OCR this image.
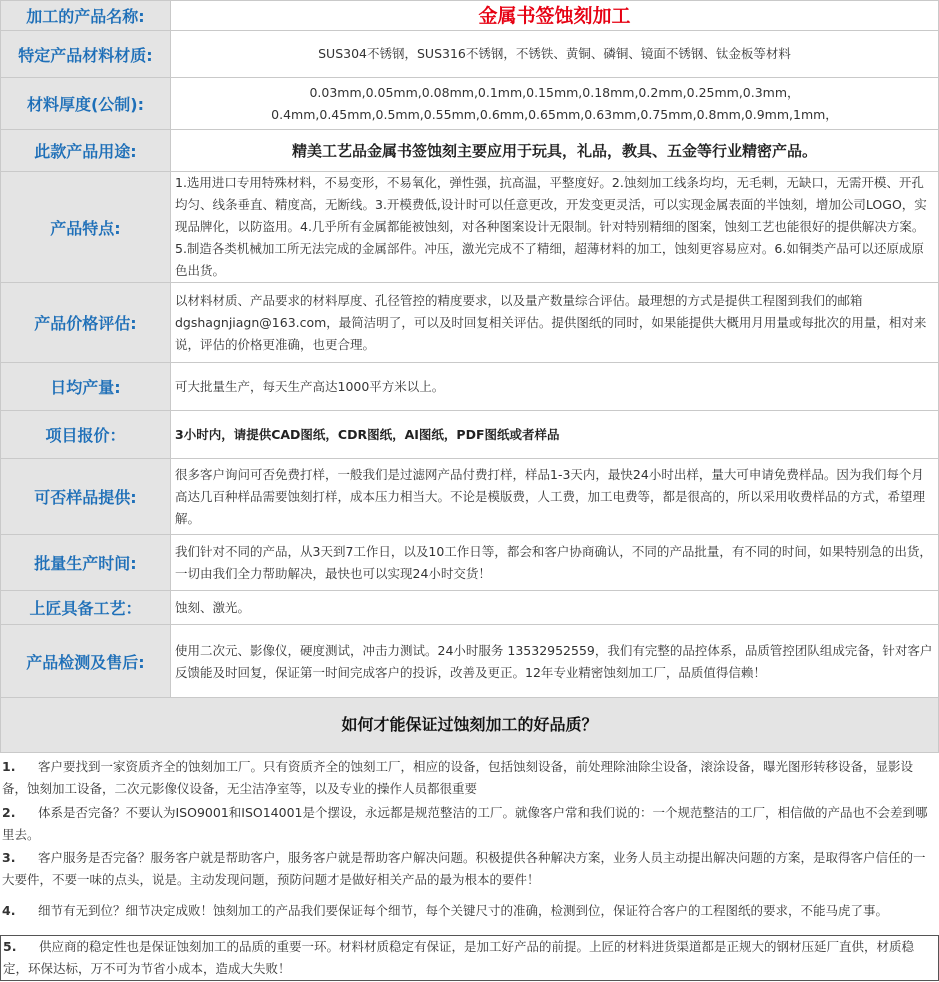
加工的产品名称:	金属书签蚀刻加工
特定产品材料材质:	SUS304不锈钢，SUS316不锈钢，不锈铁、黄铜、磷铜、镜面不锈钢、钛金板等材料
材料厚度(公制):	0.03mm,0.05mm,0.08mm,0.1mm,0.15mm,0.18mm,0.2mm,0.25mm,0.3mm，
0.4mm,0.45mm,0.5mm,0.55mm,0.6mm,0.65mm,0.63mm,0.75mm,0.8mm,0.9mm,1mm，

此款产品用途:	精美工艺品金属书签蚀刻主要应用于玩具，礼品，教具、五金等行业精密产品。
产品特点:	1.选用进口专用特殊材料，不易变形，不易氧化，弹性强，抗高温，平整度好。2.蚀刻加工线条均均，无毛刺，无缺口，无需开模、开孔均匀、线条垂直、精度高，无断线。3.开模费低,设计时可以任意更改，开发变更灵活，可以实现金属表面的半蚀刻，增加公司LOGO，实现品牌化，以防盗用。4.几乎所有金属都能被蚀刻，对各种图案设计无限制。针对特别精细的图案，蚀刻工艺也能很好的提供解决方案。5.制造各类机械加工所无法完成的金属部件。冲压，激光完成不了精细，超薄材料的加工，蚀刻更容易应对。6.如铜类产品可以还原成原色出货。
产品价格评估:	以材料材质、产品要求的材料厚度、孔径管控的精度要求，以及量产数量综合评估。最理想的方式是提供工程图到我们的邮箱dgshagnjiagn@163.com，最简洁明了，可以及时回复相关评估。提供图纸的同时，如果能提供大概用月用量或每批次的用量，相对来说，评估的价格更准确，也更合理。
日均产量:	可大批量生产，每天生产高达1000平方米以上。
项目报价：	3小时内，请提供CAD图纸，CDR图纸，AI图纸，PDF图纸或者样品
可否样品提供:	很多客户询问可否免费打样，一般我们是过滤网产品付费打样，样品1-3天内，最快24小时出样，量大可申请免费样品。因为我们每个月高达几百种样品需要蚀刻打样，成本压力相当大。不论是模版费，人工费，加工电费等，都是很高的，所以采用收费样品的方式，希望理解。
批量生产时间:	我们针对不同的产品，从3天到7工作日，以及10工作日等，都会和客户协商确认，不同的产品批量，有不同的时间，如果特别急的出货，一切由我们全力帮助解决，最快也可以实现24小时交货！
上匠具备工艺：	蚀刻、激光。
产品检测及售后:	使用二次元、影像仪，硬度测试，冲击力测试。24小时服务 13532952559，我们有完整的品控体系，品质管控团队组成完备，针对客户反馈能及时回复，保证第一时间完成客户的投诉，改善及更正。12年专业精密蚀刻加工厂，品质值得信赖！
如何才能保证过蚀刻加工的好品质？
1. 客户要找到一家资质齐全的蚀刻加工厂。只有资质齐全的蚀刻工厂，相应的设备，包括蚀刻设备，前处理除油除尘设备，滚涂设备，曝光图形转移设备，显影设备，蚀刻加工设备，二次元影像仪设备，无尘洁净室等，以及专业的操作人员都很重要
2. 体系是否完备？不要认为ISO9001和ISO14001是个摆设，永远都是规范整洁的工厂。就像客户常和我们说的：一个规范整洁的工厂，相信做的产品也不会差到哪里去。
3. 客户服务是否完备？服务客户就是帮助客户，服务客户就是帮助客户解决问题。积极提供各种解决方案，业务人员主动提出解决问题的方案，是取得客户信任的一大要件，不要一味的点头，说是。主动发现问题，预防问题才是做好相关产品的最为根本的要件！
4. 细节有无到位？细节决定成败！蚀刻加工的产品我们要保证每个细节，每个关键尺寸的准确，检测到位，保证符合客户的工程图纸的要求，不能马虎了事。
5. 供应商的稳定性也是保证蚀刻加工的品质的重要一环。材料材质稳定有保证，是加工好产品的前提。上匠的材料进货渠道都是正规大的钢材压延厂直供，材质稳定，环保达标，万不可为节省小成本，造成大失败！
